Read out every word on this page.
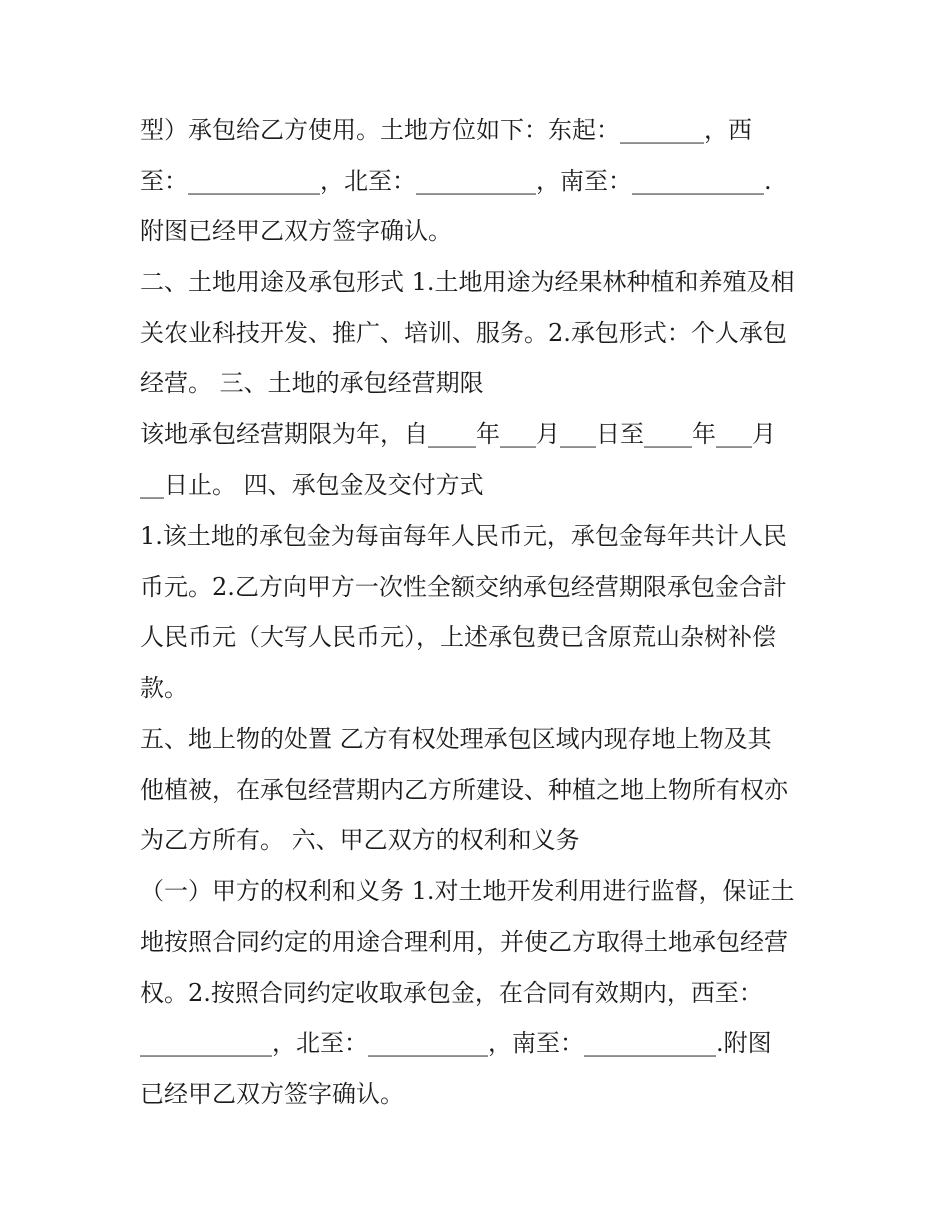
型）承包给乙方使用。土地方位如下：东起：_______，西
至：___________，北至：__________，南至：___________.
附图已经甲乙双方签字确认。
二、土地用途及承包形式 1.土地用途为经果林种植和养殖及相
关农业科技开发、推广、培训、服务。2.承包形式：个人承包
经营。 三、土地的承包经营期限
该地承包经营期限为年，自____年___月___日至____年___月
__日止。 四、承包金及交付方式
1.该土地的承包金为每亩每年人民币元，承包金每年共计人民
币元。2.乙方向甲方一次性全额交纳承包经营期限承包金合計
人民币元（大写人民币元），上述承包费已含原荒山杂树补偿
款。
五、地上物的处置 乙方有权处理承包区域内现存地上物及其
他植被，在承包经营期内乙方所建设、种植之地上物所有权亦
为乙方所有。 六、甲乙双方的权利和义务
（一）甲方的权利和义务 1.对土地开发利用进行监督，保证土
地按照合同约定的用途合理利用，并使乙方取得土地承包经营
权。2.按照合同约定收取承包金，在合同有效期内，西至：
___________，北至：__________，南至：___________.附图
已经甲乙双方签字确认。
